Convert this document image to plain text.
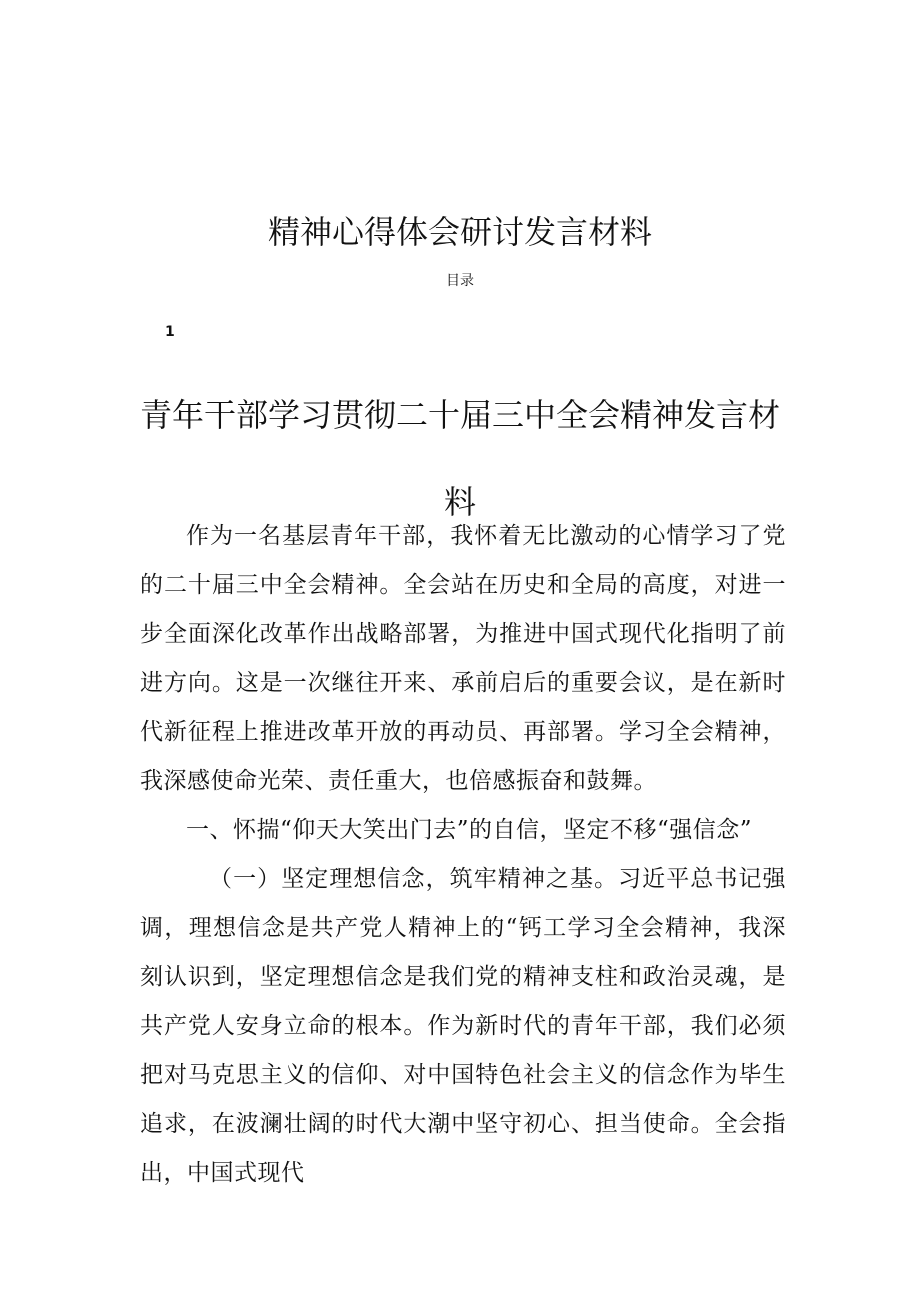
精神心得体会研讨发言材料
目录
1
青年干部学习贯彻二十届三中全会精神发言材料

作为一名基层青年干部，我怀着无比激动的心情学习了党的二十届三中全会精神。全会站在历史和全局的高度，对进一步全面深化改革作出战略部署，为推进中国式现代化指明了前进方向。这是一次继往开来、承前启后的重要会议，是在新时代新征程上推进改革开放的再动员、再部署。学习全会精神，我深感使命光荣、责任重大，也倍感振奋和鼓舞。

一、怀揣“仰天大笑出门去”的自信，坚定不移“强信念”

（一）坚定理想信念，筑牢精神之基。习近平总书记强调，理想信念是共产党人精神上的“钙工学习全会精神，我深刻认识到，坚定理想信念是我们党的精神支柱和政治灵魂，是共产党人安身立命的根本。作为新时代的青年干部，我们必须把对马克思主义的信仰、对中国特色社会主义的信念作为毕生追求，在波澜壮阔的时代大潮中坚守初心、担当使命。全会指出，中国式现代
